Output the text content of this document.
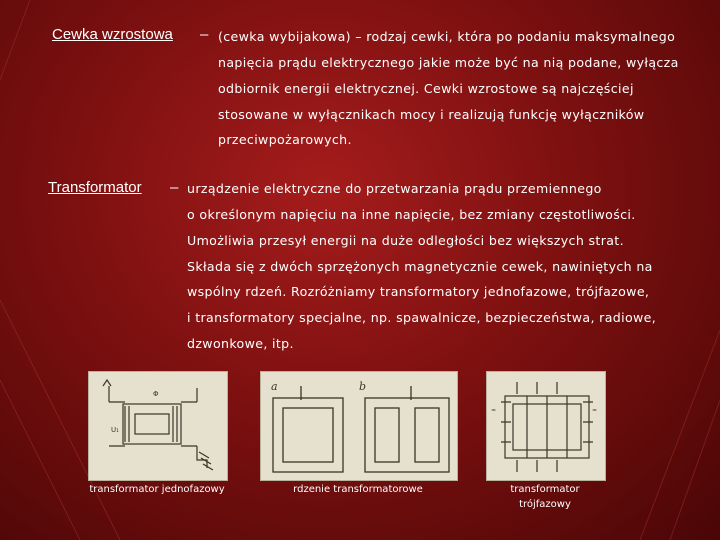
Cewka wzrostowa – (cewka wybijakowa) – rodzaj cewki, która po podaniu maksymalnego
napięcia prądu elektrycznego jakie może być na nią podane, wyłącza
odbiornik energii elektrycznej. Cewki wzrostowe są najczęściej
stosowane w wyłącznikach mocy i realizują funkcję wyłączników
przeciwpożarowych.
Transformator – urządzenie elektryczne do przetwarzania prądu przemiennego
o określonym napięciu na inne napięcie, bez zmiany częstotliwości.
Umożliwia przesył energii na duże odległości bez większych strat.
Składa się z dwóch sprzężonych magnetycznie cewek, nawiniętych na
wspólny rdzeń. Rozróżniamy transformatory jednofazowe, trójfazowe,
i transformatory specjalne, np. spawalnicze, bezpieczeństwa, radiowe,
dzwonkowe, itp.
U₁
Φ
transformator jednofazowy
a	b
rdzenie transformatorowe
≈
≈
transformator
trójfazowy
